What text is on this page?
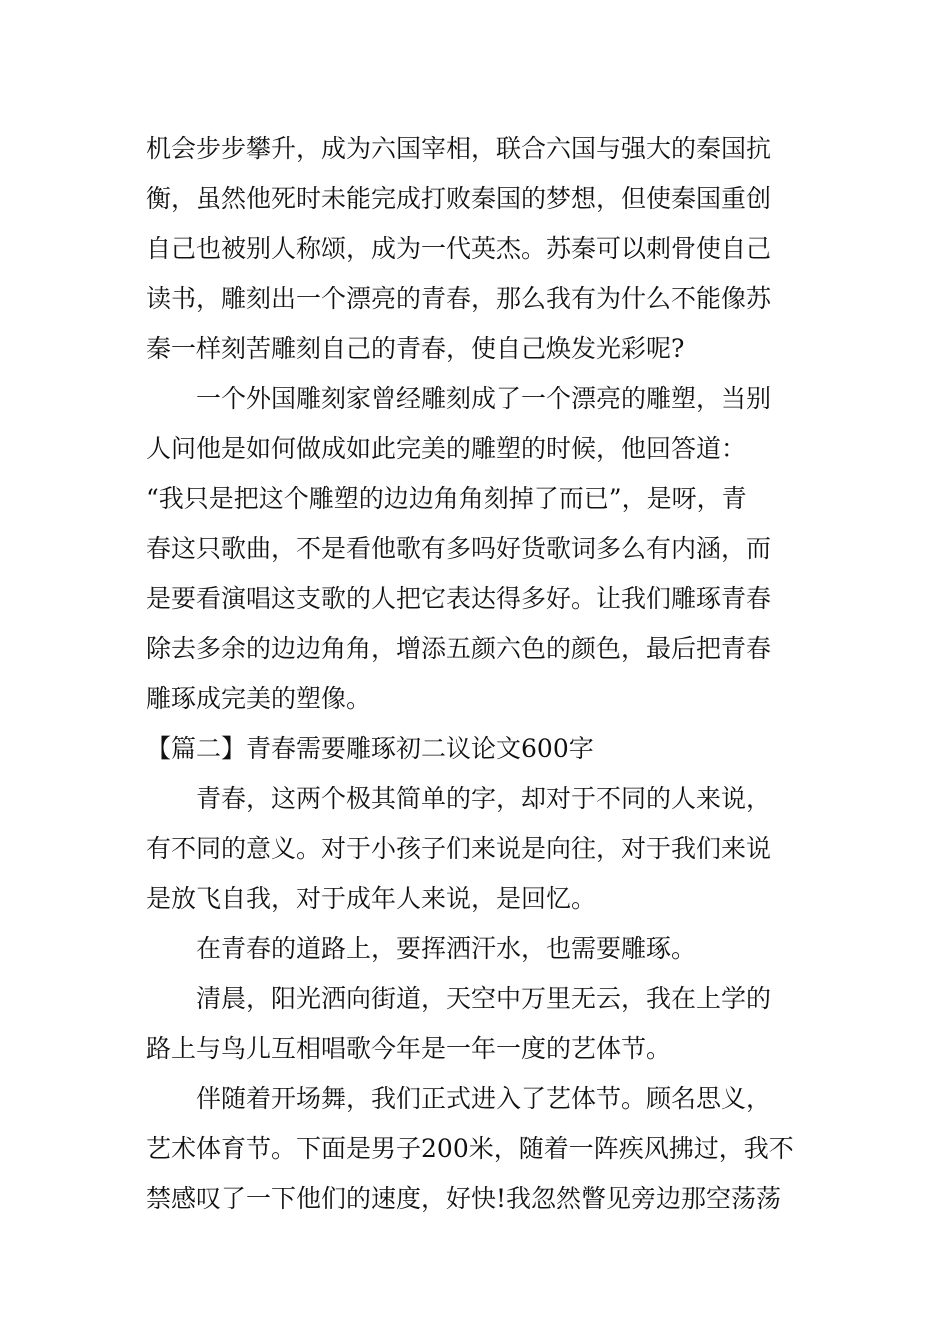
机会步步攀升，成为六国宰相，联合六国与强大的秦国抗
衡，虽然他死时未能完成打败秦国的梦想，但使秦国重创
自己也被别人称颂，成为一代英杰。苏秦可以刺骨使自己
读书，雕刻出一个漂亮的青春，那么我有为什么不能像苏
秦一样刻苦雕刻自己的青春，使自己焕发光彩呢?

一个外国雕刻家曾经雕刻成了一个漂亮的雕塑，当别
人问他是如何做成如此完美的雕塑的时候，他回答道：
“我只是把这个雕塑的边边角角刻掉了而已”，是呀，青
春这只歌曲，不是看他歌有多吗好货歌词多么有内涵，而
是要看演唱这支歌的人把它表达得多好。让我们雕琢青春
除去多余的边边角角，增添五颜六色的颜色，最后把青春
雕琢成完美的塑像。

【篇二】青春需要雕琢初二议论文600字

青春，这两个极其简单的字，却对于不同的人来说，
有不同的意义。对于小孩子们来说是向往，对于我们来说
是放飞自我，对于成年人来说，是回忆。

在青春的道路上，要挥洒汗水，也需要雕琢。

清晨，阳光洒向街道，天空中万里无云，我在上学的
路上与鸟儿互相唱歌今年是一年一度的艺体节。

伴随着开场舞，我们正式进入了艺体节。顾名思义，
艺术体育节。下面是男子200米，随着一阵疾风拂过，我不
禁感叹了一下他们的速度，好快!我忽然瞥见旁边那空荡荡
